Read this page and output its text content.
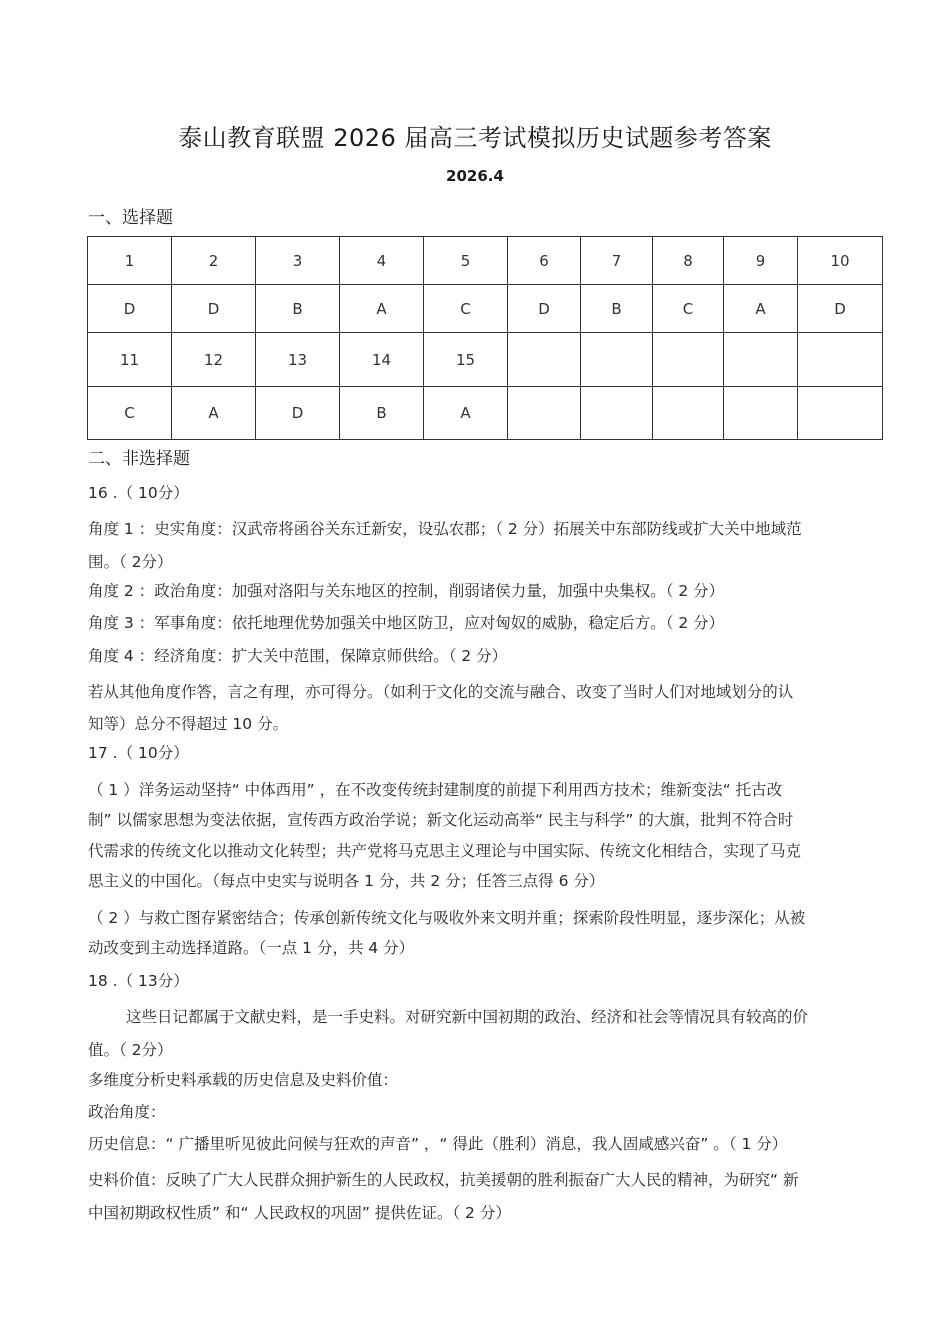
泰山教育联盟 2026 届高三考试模拟历史试题参考答案
2026.4
一、选择题
1	2	3	4	5	6	7	8	9	10
D	D	B	A	C	D	B	C	A	D
11	12	13	14	15					
C	A	D	B	A					
二、非选择题
16 .（ 10分）
角度 1 ：史实角度：汉武帝将函谷关东迁新安，设弘农郡；（ 2 分）拓展关中东部防线或扩大关中地域范
围。（ 2分）
角度 2 ：政治角度：加强对洛阳与关东地区的控制，削弱诸侯力量，加强中央集权。（ 2 分）
角度 3 ：军事角度：依托地理优势加强关中地区防卫，应对匈奴的威胁，稳定后方。（ 2 分）
角度 4 ：经济角度：扩大关中范围，保障京师供给。（ 2 分）
若从其他角度作答，言之有理，亦可得分。（如利于文化的交流与融合、改变了当时人们对地域划分的认
知等）总分不得超过 10 分。
17 .（ 10分）
（ 1 ）洋务运动坚持“ 中体西用” ，在不改变传统封建制度的前提下利用西方技术；维新变法“ 托古改
制” 以儒家思想为变法依据，宣传西方政治学说；新文化运动高举“ 民主与科学” 的大旗，批判不符合时
代需求的传统文化以推动文化转型；共产党将马克思主义理论与中国实际、传统文化相结合，实现了马克
思主义的中国化。（每点中史实与说明各 1 分，共 2 分；任答三点得 6 分）
（ 2 ）与救亡图存紧密结合；传承创新传统文化与吸收外来文明并重；探索阶段性明显，逐步深化；从被
动改变到主动选择道路。（一点 1 分，共 4 分）
18 .（ 13分）
这些日记都属于文献史料，是一手史料。对研究新中国初期的政治、经济和社会等情况具有较高的价
值。（ 2分）
多维度分析史料承载的历史信息及史料价值：
政治角度：
历史信息：“ 广播里听见彼此问候与狂欢的声音” ，“ 得此（胜利）消息，我人固咸感兴奋” 。（ 1 分）
史料价值：反映了广大人民群众拥护新生的人民政权，抗美援朝的胜利振奋广大人民的精神，为研究“ 新
中国初期政权性质” 和“ 人民政权的巩固” 提供佐证。（ 2 分）
